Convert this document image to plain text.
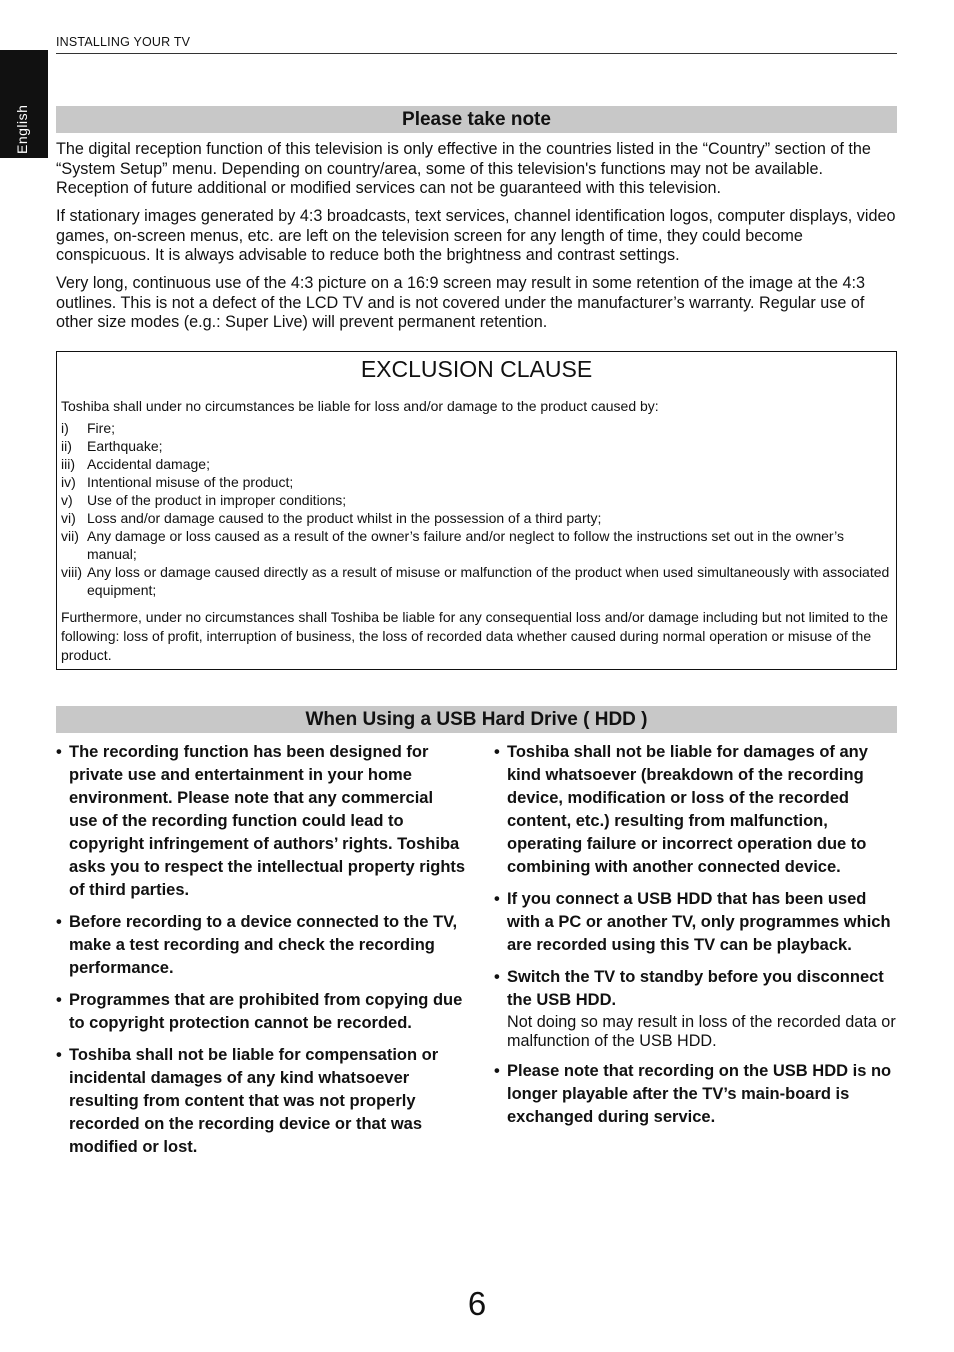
English
INSTALLING YOUR TV
Please take note

The digital reception function of this television is only effective in the countries listed in the “Country” section of the “System Setup” menu. Depending on country/area, some of this television's functions may not be available. Reception of future additional or modified services can not be guaranteed with this television.

If stationary images generated by 4:3 broadcasts, text services, channel identification logos, computer displays, video games, on-screen menus, etc. are left on the television screen for any length of time, they could become conspicuous. It is always advisable to reduce both the brightness and contrast settings.

Very long, continuous use of the 4:3 picture on a 16:9 screen may result in some retention of the image at the 4:3 outlines. This is not a defect of the LCD TV and is not covered under the manufacturer’s warranty. Regular use of other size modes (e.g.: Super Live) will prevent permanent retention.

EXCLUSION CLAUSE

Toshiba shall under no circumstances be liable for loss and/or damage to the product caused by:

i)	Fire;
ii)	Earthquake;
iii) Accidental damage;
iv) Intentional misuse of the product;
v)	Use of the product in improper conditions;
vi) Loss and/or damage caused to the product whilst in the possession of a third party;
vii) Any damage or loss caused as a result of the owner’s failure and/or neglect to follow the instructions set out in the owner’s manual;
viii) Any loss or damage caused directly as a result of misuse or malfunction of the product when used simultaneously with associated equipment;

Furthermore, under no circumstances shall Toshiba be liable for any consequential loss and/or damage including but not limited to the following: loss of profit, interruption of business, the loss of recorded data whether caused during normal operation or misuse of the product.

When Using a USB Hard Drive ( HDD )
• The recording function has been designed for private use and entertainment in your home environment. Please note that any commercial use of the recording function could lead to copyright infringement of authors’ rights. Toshiba asks you to respect the intellectual property rights of third parties.
• Before recording to a device connected to the TV, make a test recording and check the recording performance.
• Programmes that are prohibited from copying due to copyright protection cannot be recorded.
• Toshiba shall not be liable for compensation or incidental damages of any kind whatsoever resulting from content that was not properly recorded on the recording device or that was modified or lost.
• Toshiba shall not be liable for damages of any kind whatsoever (breakdown of the recording device, modification or loss of the recorded content, etc.) resulting from malfunction, operating failure or incorrect operation due to combining with another connected device.
• If you connect a USB HDD that has been used with a PC or another TV, only programmes which are recorded using this TV can be playback.
• Switch the TV to standby before you disconnect the USB HDD.
Not doing so may result in loss of the recorded data or malfunction of the USB HDD.
• Please note that recording on the USB HDD is no longer playable after the TV’s main-board is exchanged during service.
6
